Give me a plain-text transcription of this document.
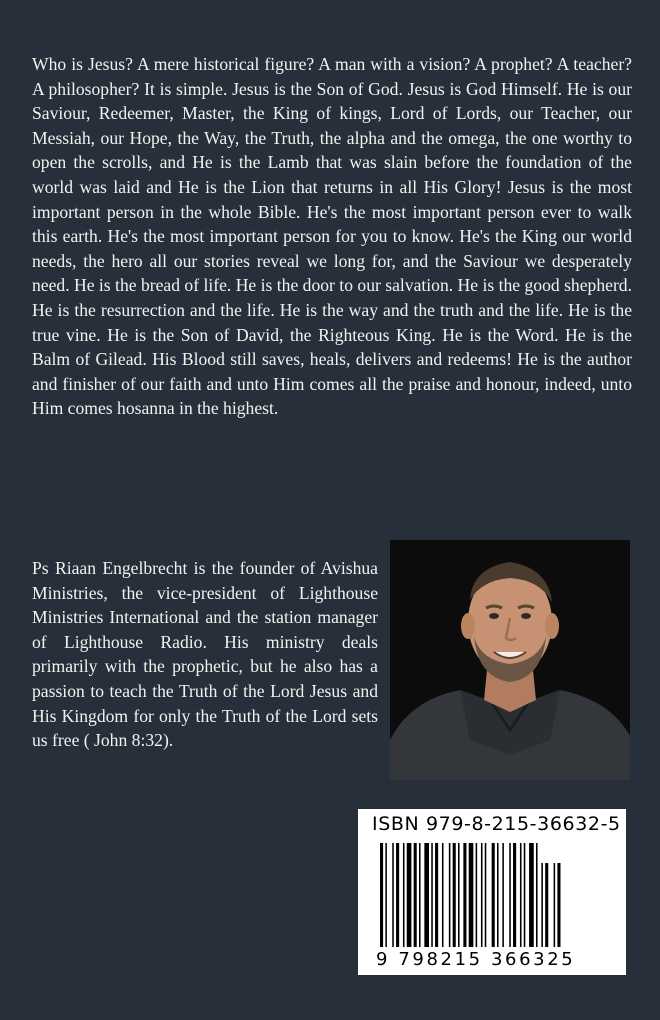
Who is Jesus? A mere historical figure? A man with a vision? A prophet? A teacher? A philosopher? It is simple. Jesus is the Son of God. Jesus is God Himself. He is our Saviour, Redeemer, Master, the King of kings, Lord of Lords, our Teacher, our Messiah, our Hope, the Way, the Truth, the alpha and the omega, the one worthy to open the scrolls, and He is the Lamb that was slain before the foundation of the world was laid and He is the Lion that returns in all His Glory! Jesus is the most important person in the whole Bible. He's the most important person ever to walk this earth. He's the most important person for you to know. He's the King our world needs, the hero all our stories reveal we long for, and the Saviour we desperately need. He is the bread of life. He is the door to our salvation. He is the good shepherd. He is the resurrection and the life. He is the way and the truth and the life. He is the true vine. He is the Son of David, the Righteous King. He is the Word. He is the Balm of Gilead. His Blood still saves, heals, delivers and redeems! He is the author and finisher of our faith and unto Him comes all the praise and honour, indeed, unto Him comes hosanna in the highest.

Ps Riaan Engelbrecht is the founder of Avishua Ministries, the vice-president of Lighthouse Ministries International and the station manager of Lighthouse Radio. His ministry deals primarily with the prophetic, but he also has a passion to teach the Truth of the Lord Jesus and His Kingdom for only the Truth of the Lord sets us free ( John 8:32).

ISBN 979-8-215-36632-5
9 798215 366325
